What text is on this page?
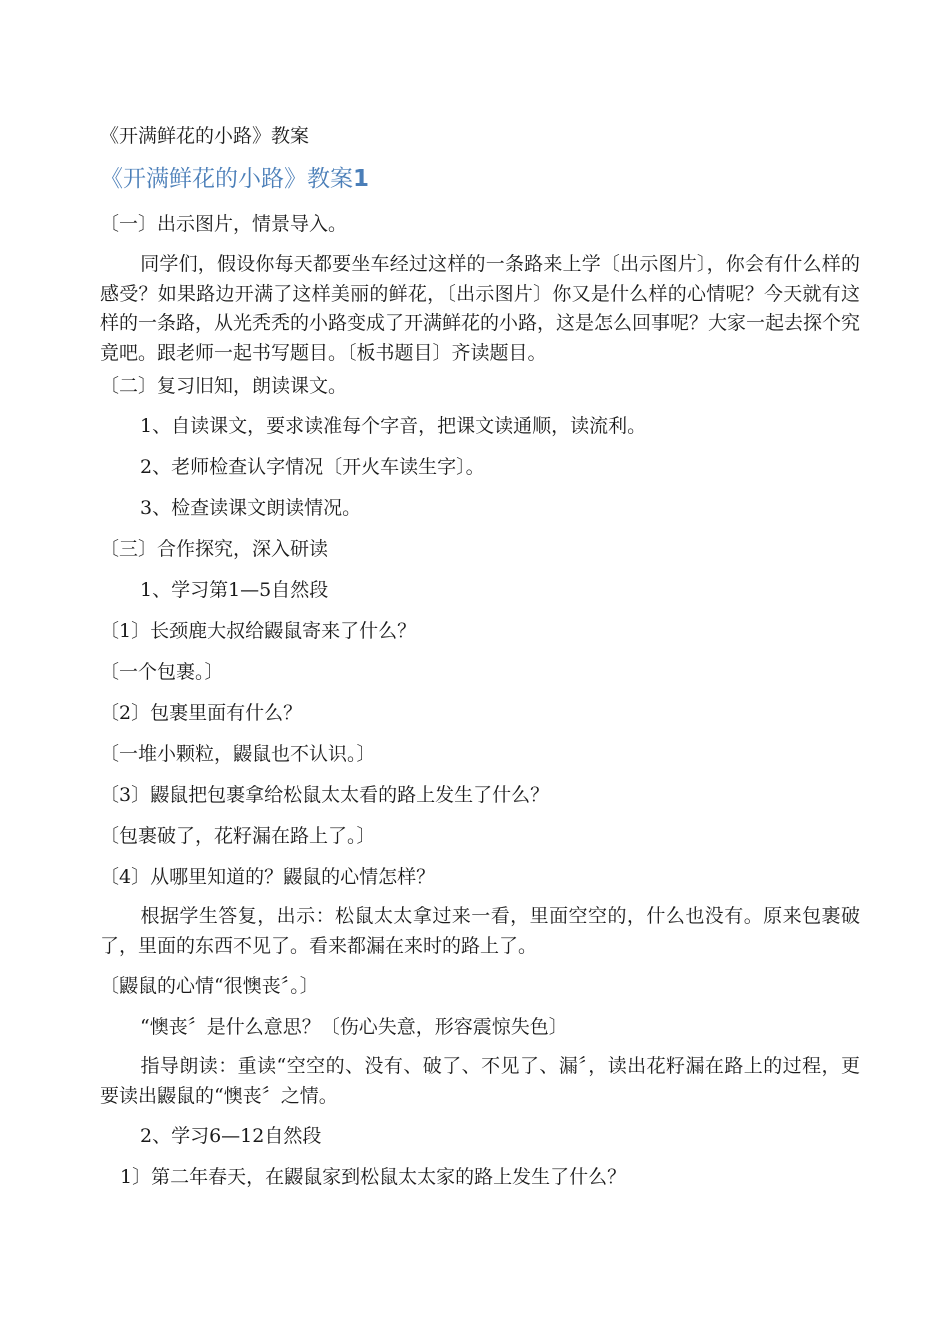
《开满鲜花的小路》教案
《开满鲜花的小路》教案1
〔一〕出示图片，情景导入。
同学们，假设你每天都要坐车经过这样的一条路来上学〔出示图片〕，你会有什么样的感受？如果路边开满了这样美丽的鲜花，〔出示图片〕你又是什么样的心情呢？今天就有这样的一条路，从光秃秃的小路变成了开满鲜花的小路，这是怎么回事呢？大家一起去探个究竟吧。跟老师一起书写题目。〔板书题目〕齐读题目。
〔二〕复习旧知，朗读课文。
1、自读课文，要求读准每个字音，把课文读通顺，读流利。
2、老师检查认字情况〔开火车读生字〕。
3、检查读课文朗读情况。
〔三〕合作探究，深入研读
1、学习第1—5自然段
〔1〕长颈鹿大叔给鼹鼠寄来了什么？
〔一个包裹。〕
〔2〕包裹里面有什么？
〔一堆小颗粒，鼹鼠也不认识。〕
〔3〕鼹鼠把包裹拿给松鼠太太看的路上发生了什么？
〔包裹破了，花籽漏在路上了。〕
〔4〕从哪里知道的？鼹鼠的心情怎样？
根据学生答复，出示：松鼠太太拿过来一看，里面空空的，什么也没有。原来包裹破了，里面的东西不见了。看来都漏在来时的路上了。
〔鼹鼠的心情“很懊丧〞。〕
“懊丧〞是什么意思？〔伤心失意，形容震惊失色〕
指导朗读：重读“空空的、没有、破了、不见了、漏〞，读出花籽漏在路上的过程，更要读出鼹鼠的“懊丧〞之情。
2、学习6—12自然段
1〕第二年春天，在鼹鼠家到松鼠太太家的路上发生了什么？
